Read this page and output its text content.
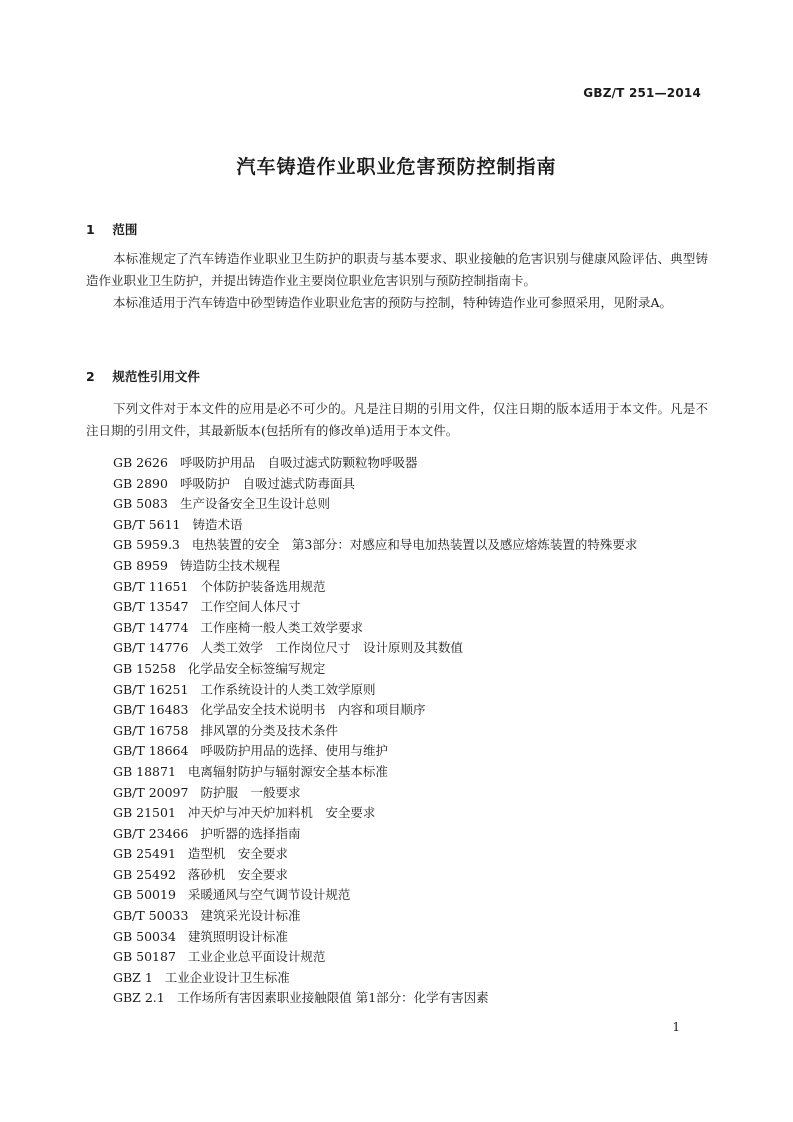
GBZ/T 251—2014
汽车铸造作业职业危害预防控制指南
1 范围

本标准规定了汽车铸造作业职业卫生防护的职责与基本要求、职业接触的危害识别与健康风险评估、典型铸造作业职业卫生防护，并提出铸造作业主要岗位职业危害识别与预防控制指南卡。

本标准适用于汽车铸造中砂型铸造作业职业危害的预防与控制，特种铸造作业可参照采用，见附录A。

2 规范性引用文件

下列文件对于本文件的应用是必不可少的。凡是注日期的引用文件，仅注日期的版本适用于本文件。凡是不注日期的引用文件，其最新版本(包括所有的修改单)适用于本文件。

GB 2626 呼吸防护用品　自吸过滤式防颗粒物呼吸器
GB 2890 呼吸防护　自吸过滤式防毒面具
GB 5083 生产设备安全卫生设计总则
GB/T 5611 铸造术语
GB 5959.3 电热装置的安全　第3部分：对感应和导电加热装置以及感应熔炼装置的特殊要求
GB 8959 铸造防尘技术规程
GB/T 11651 个体防护装备选用规范
GB/T 13547 工作空间人体尺寸
GB/T 14774 工作座椅一般人类工效学要求
GB/T 14776 人类工效学　工作岗位尺寸　设计原则及其数值
GB 15258 化学品安全标签编写规定
GB/T 16251 工作系统设计的人类工效学原则
GB/T 16483 化学品安全技术说明书　内容和项目顺序
GB/T 16758 排风罩的分类及技术条件
GB/T 18664 呼吸防护用品的选择、使用与维护
GB 18871 电离辐射防护与辐射源安全基本标准
GB/T 20097 防护服　一般要求
GB 21501 冲天炉与冲天炉加料机　安全要求
GB/T 23466 护听器的选择指南
GB 25491 造型机　安全要求
GB 25492 落砂机　安全要求
GB 50019 采暖通风与空气调节设计规范
GB/T 50033 建筑采光设计标准
GB 50034 建筑照明设计标准
GB 50187 工业企业总平面设计规范
GBZ 1 工业企业设计卫生标准
GBZ 2.1 工作场所有害因素职业接触限值 第1部分：化学有害因素
1
